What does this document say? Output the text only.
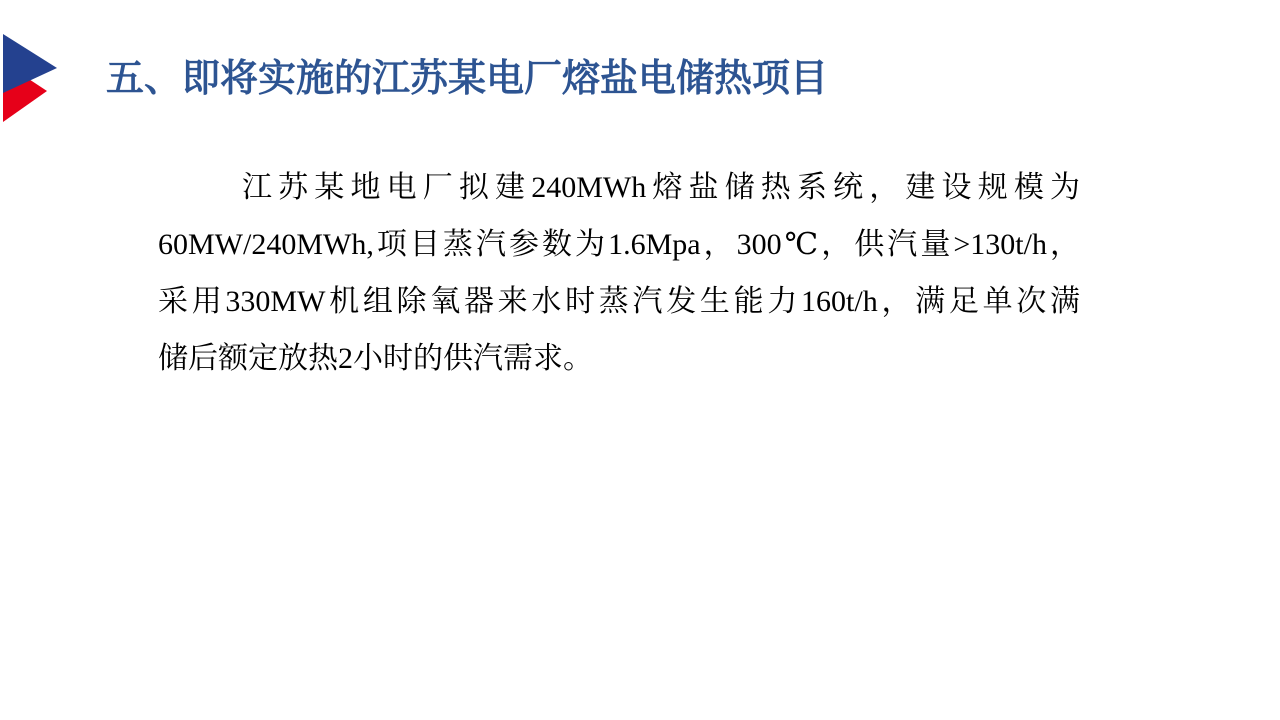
五、即将实施的江苏某电厂熔盐电储热项目
江苏某地电厂拟建240MWh熔盐储热系统，建设规模为
60MW/240MWh,项目蒸汽参数为1.6Mpa，300℃，供汽量>130t/h，
采用330MW机组除氧器来水时蒸汽发生能力160t/h，满足单次满
储后额定放热2小时的供汽需求。
